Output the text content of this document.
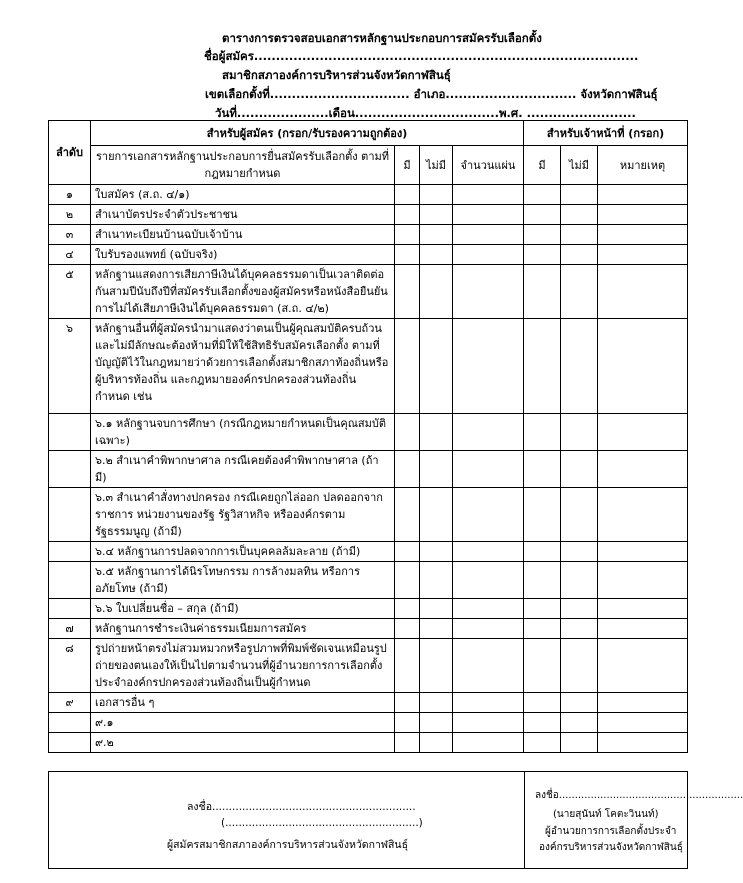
ตารางการตรวจสอบเอกสารหลักฐานประกอบการสมัครรับเลือกตั้ง
ชื่อผู้สมัคร........................................................................................
สมาชิกสภาองค์การบริหารส่วนจังหวัดกาฬสินธุ์
เขตเลือกตั้งที่................................ อำเภอ.............................. จังหวัดกาฬสินธุ์
วันที่.....................เดือน.................................พ.ศ. .........................
ลำดับ	สำหรับผู้สมัคร (กรอก/รับรองความถูกต้อง)				สำหรับเจ้าหน้าที่ (กรอก)		
	รายการเอกสารหลักฐานประกอบการยื่นสมัครรับเลือกตั้ง ตามที่กฎหมายกำหนด	มี	ไม่มี	จำนวนแผ่น	มี	ไม่มี	หมายเหตุ
๑	ใบสมัคร (ส.ถ. ๔/๑)						
๒	สำเนาบัตรประจำตัวประชาชน						
๓	สำเนาทะเบียนบ้านฉบับเจ้าบ้าน						
๔	ใบรับรองแพทย์ (ฉบับจริง)						
๕	หลักฐานแสดงการเสียภาษีเงินได้บุคคลธรรมดาเป็นเวลาติดต่อกันสามปีนับถึงปีที่สมัครรับเลือกตั้งของผู้สมัครหรือหนังสือยืนยันการไม่ได้เสียภาษีเงินได้บุคคลธรรมดา (ส.ถ. ๔/๒)						
๖	หลักฐานอื่นที่ผู้สมัครนำมาแสดงว่าตนเป็นผู้คุณสมบัติครบถ้วนและไม่มีลักษณะต้องห้ามที่มิให้ใช้สิทธิรับสมัครเลือกตั้ง ตามที่บัญญัติไว้ในกฎหมายว่าด้วยการเลือกตั้งสมาชิกสภาท้องถิ่นหรือผู้บริหารท้องถิ่น และกฎหมายองค์กรปกครองส่วนท้องถิ่นกำหนด เช่น						
	๖.๑ หลักฐานจบการศึกษา (กรณีกฎหมายกำหนดเป็นคุณสมบัติเฉพาะ)						
	๖.๒ สำเนาคำพิพากษาศาล กรณีเคยต้องคำพิพากษาศาล (ถ้ามี)						
	๖.๓ สำเนาคำสั่งทางปกครอง กรณีเคยถูกไล่ออก ปลดออกจากราชการ หน่วยงานของรัฐ รัฐวิสาหกิจ หรือองค์กรตามรัฐธรรมนูญ (ถ้ามี)						
	๖.๔ หลักฐานการปลดจากการเป็นบุคคลล้มละลาย (ถ้ามี)						
	๖.๕ หลักฐานการได้นิรโทษกรรม การล้างมลทิน หรือการอภัยโทษ (ถ้ามี)						
	๖.๖ ใบเปลี่ยนชื่อ – สกุล (ถ้ามี)						
๗	หลักฐานการชำระเงินค่าธรรมเนียมการสมัคร						
๘	รูปถ่ายหน้าตรงไม่สวมหมวกหรือรูปภาพที่พิมพ์ชัดเจนเหมือนรูปถ่ายของตนเองให้เป็นไปตามจำนวนที่ผู้อำนวยการการเลือกตั้งประจำองค์กรปกครองส่วนท้องถิ่นเป็นผู้กำหนด						
๙	เอกสารอื่น ๆ						
	๙.๑						
	๙.๒						
ลงชื่อ.............................................................
(..........................................................)
ผู้สมัครสมาชิกสภาองค์การบริหารส่วนจังหวัดกาฬสินธุ์

ลงชื่อ..........................................................
(นายสุนันท์ โคตะวินนท์)
ผู้อำนวยการการเลือกตั้งประจำ
องค์กรบริหารส่วนจังหวัดกาฬสินธุ์
